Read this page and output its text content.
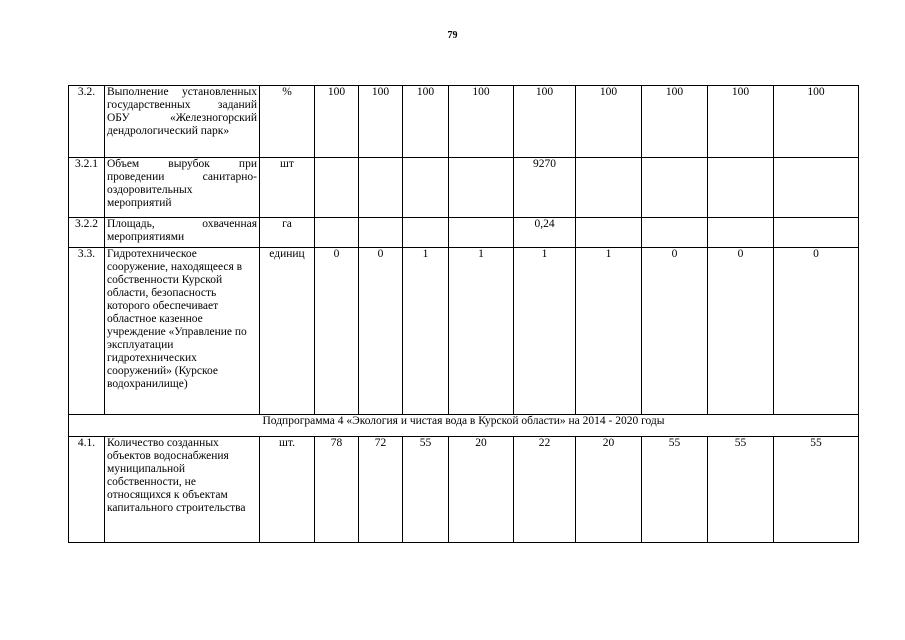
79
3.2.	Выполнение установленных государственных заданий ОБУ «Железногорский дендрологический парк»	%	100	100	100	100	100	100	100	100	100
3.2.1	Объем вырубок при проведении санитарно-оздоровительных мероприятий	шт					9270				
3.2.2	Площадь, охваченная мероприятиями	га					0,24				
3.3.	Гидротехническое сооружение, находящееся в собственности Курской области, безопасность которого обеспечивает областное казенное учреждение «Управление по эксплуатации гидротехнических сооружений» (Курское водохранилище)	единиц	0	0	1	1	1	1	0	0	0
Подпрограмма 4 «Экология и чистая вода в Курской области» на 2014 - 2020 годы											
4.1.	Количество созданных объектов водоснабжения муниципальной собственности, не относящихся к объектам капитального строительства	шт.	78	72	55	20	22	20	55	55	55
